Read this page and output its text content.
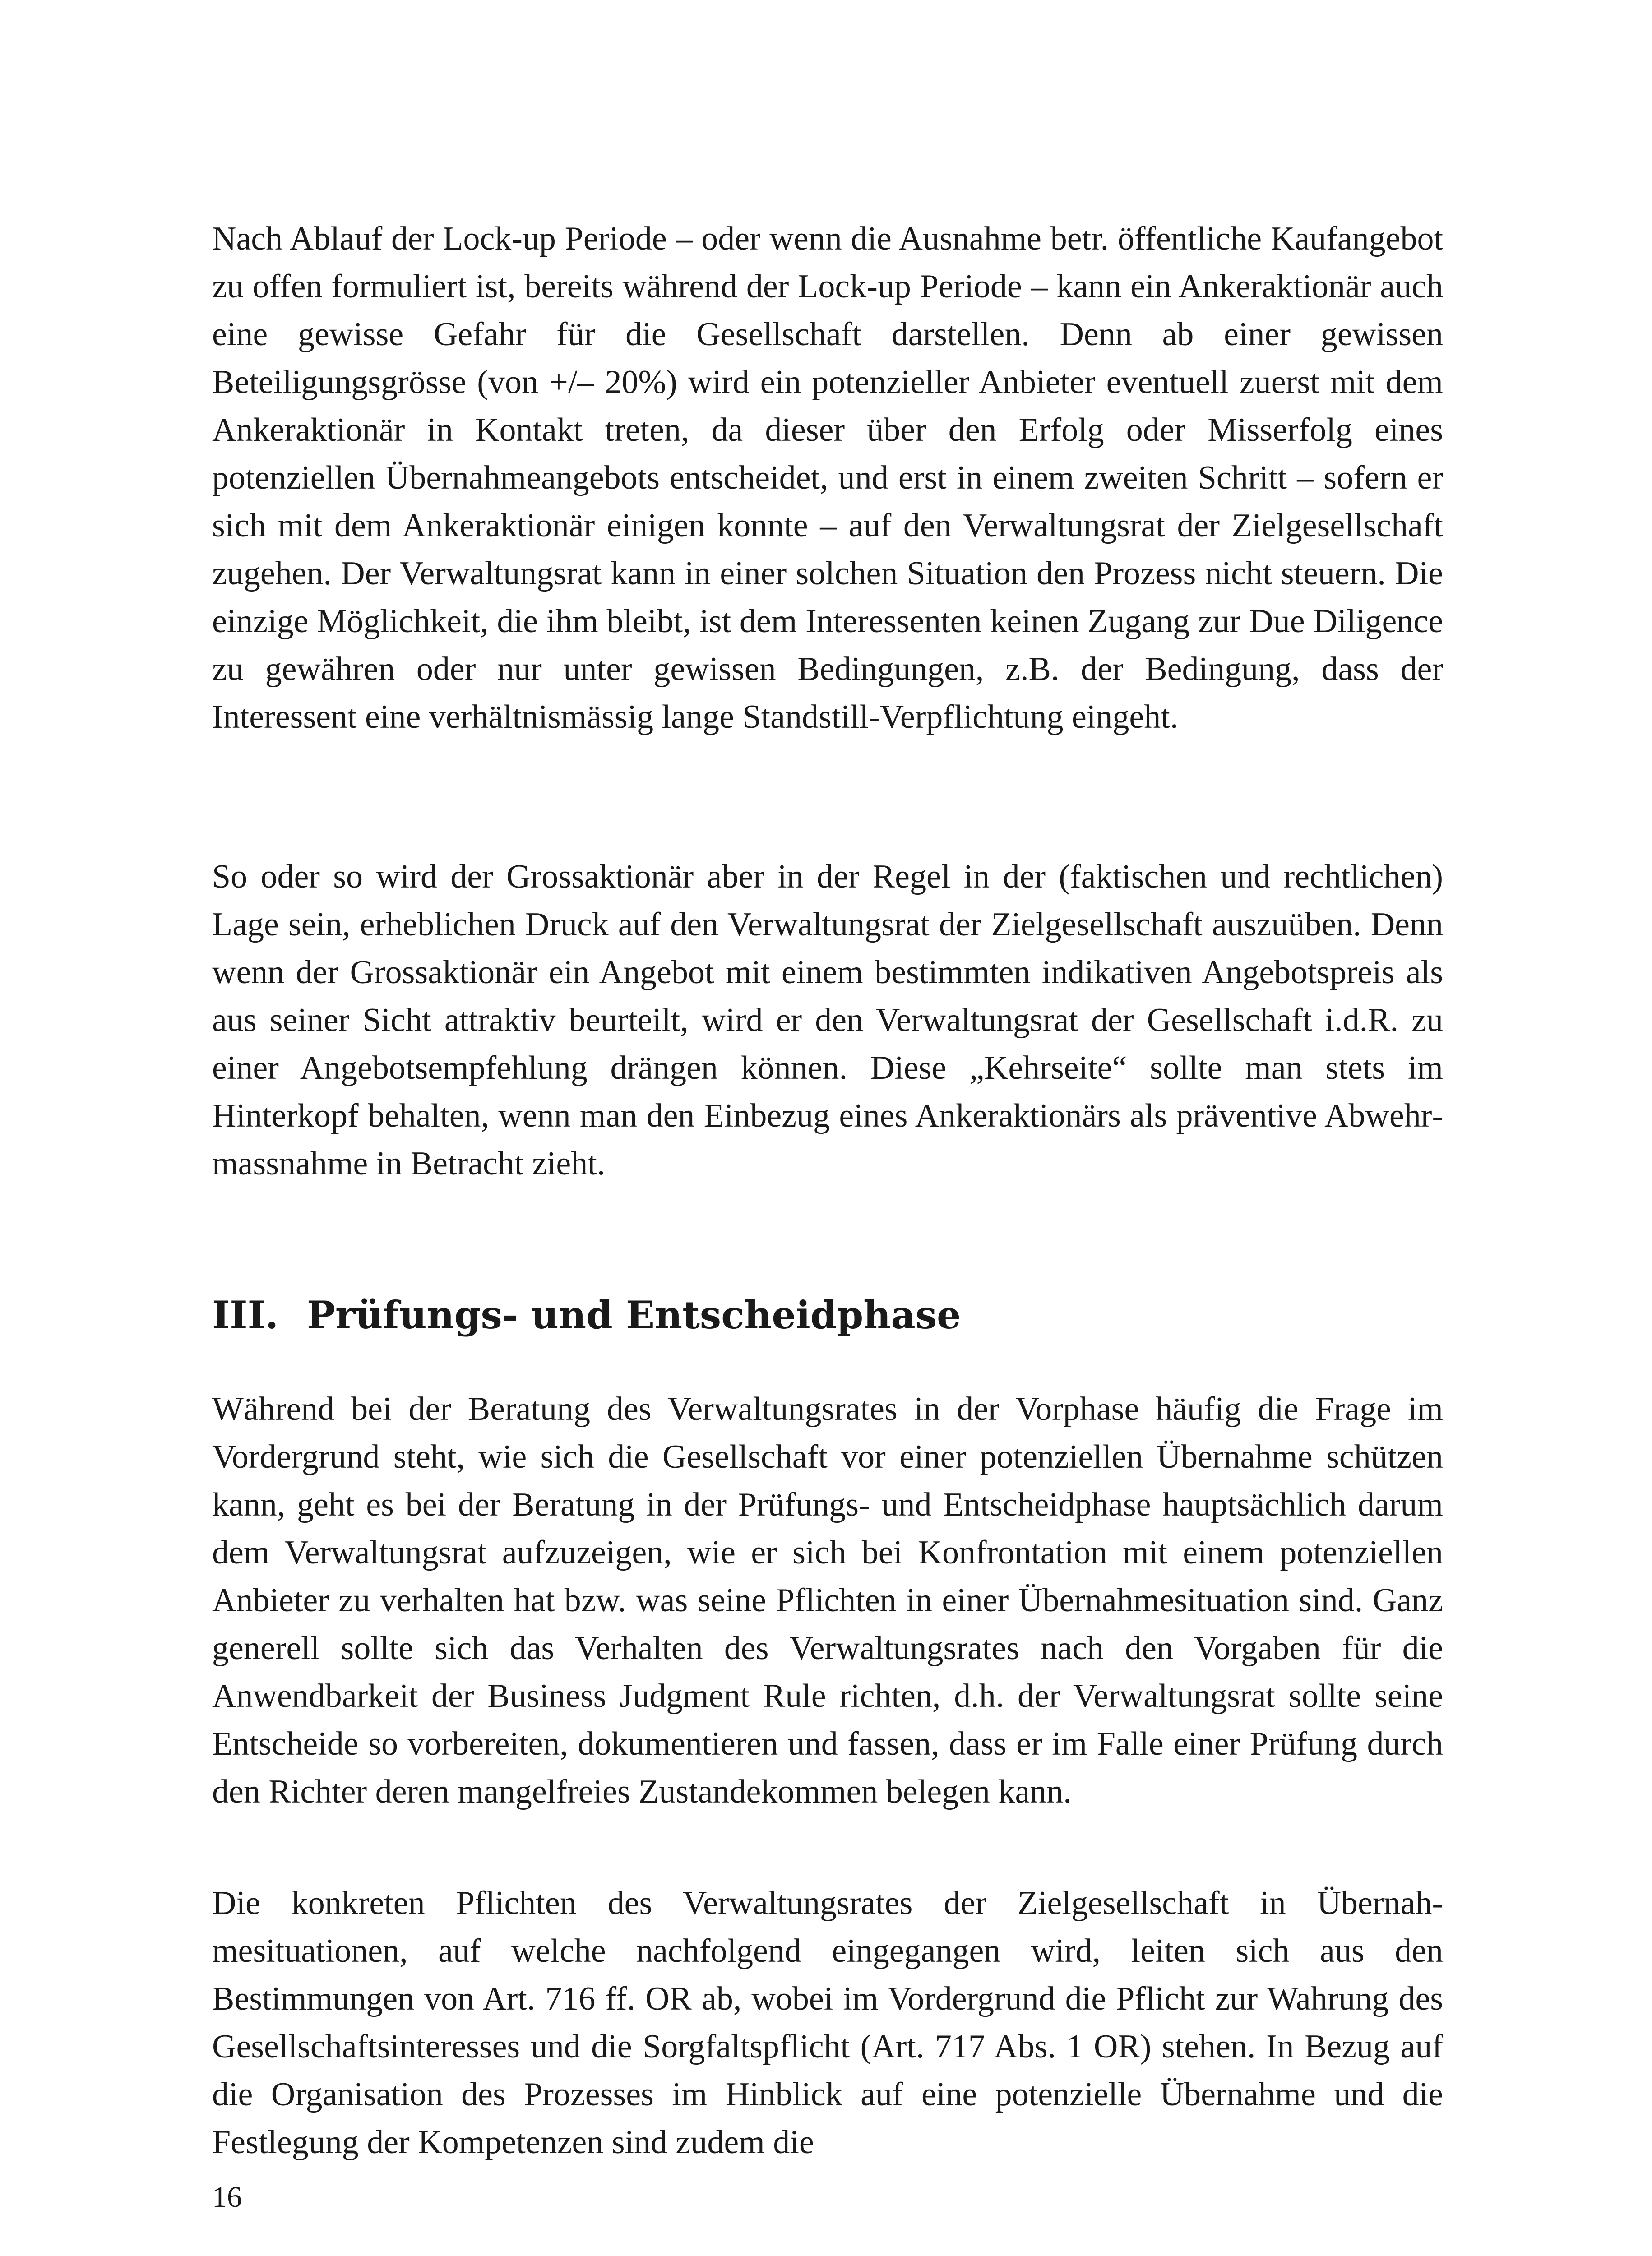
Nach Ablauf der Lock-up Periode – oder wenn die Ausnahme betr. öffentliche Kaufangebot zu offen formuliert ist, bereits während der Lock-up Periode – kann ein Ankeraktionär auch eine gewisse Gefahr für die Gesellschaft darstellen. Denn ab einer gewissen Beteiligungsgrösse (von +/– 20%) wird ein potenzieller Anbieter eventuell zuerst mit dem Ankeraktionär in Kontakt treten, da dieser über den Erfolg oder Misserfolg eines potenziellen Übernahmeangebots entscheidet, und erst in einem zweiten Schritt – sofern er sich mit dem Ankeraktionär einigen konnte – auf den Verwaltungsrat der Zielgesellschaft zugehen. Der Verwaltungsrat kann in einer solchen Situation den Prozess nicht steuern. Die einzige Möglichkeit, die ihm bleibt, ist dem Interessenten keinen Zugang zur Due Diligence zu gewähren oder nur unter gewissen Bedingungen, z.B. der Bedingung, dass der Interessent eine verhältnismässig lange Standstill-Verpflichtung eingeht.

So oder so wird der Grossaktionär aber in der Regel in der (faktischen und rechtlichen) Lage sein, erheblichen Druck auf den Verwaltungsrat der Zielgesellschaft auszuüben. Denn wenn der Grossaktionär ein Angebot mit einem bestimmten indikativen Angebotspreis als aus seiner Sicht attraktiv beurteilt, wird er den Verwaltungsrat der Gesellschaft i.d.R. zu einer Angebotsempfehlung drängen können. Diese „Kehrseite“ sollte man stets im Hinterkopf behalten, wenn man den Einbezug eines Ankeraktionärs als präventive Abwehrmassnahme in Betracht zieht.

III. Prüfungs- und Entscheidphase

Während bei der Beratung des Verwaltungsrates in der Vorphase häufig die Frage im Vordergrund steht, wie sich die Gesellschaft vor einer potenziellen Übernahme schützen kann, geht es bei der Beratung in der Prüfungs- und Entscheidphase hauptsächlich darum dem Verwaltungsrat aufzuzeigen, wie er sich bei Konfrontation mit einem potenziellen Anbieter zu verhalten hat bzw. was seine Pflichten in einer Übernahmesituation sind. Ganz generell sollte sich das Verhalten des Verwaltungsrates nach den Vorgaben für die Anwendbarkeit der Business Judgment Rule richten, d.h. der Verwaltungsrat sollte seine Entscheide so vorbereiten, dokumentieren und fassen, dass er im Falle einer Prüfung durch den Richter deren mangelfreies Zustandekommen belegen kann.

Die konkreten Pflichten des Verwaltungsrates der Zielgesellschaft in Übernahmesituationen, auf welche nachfolgend eingegangen wird, leiten sich aus den Bestimmungen von Art. 716 ff. OR ab, wobei im Vordergrund die Pflicht zur Wahrung des Gesellschaftsinteresses und die Sorgfaltspflicht (Art. 717 Abs. 1 OR) stehen. In Bezug auf die Organisation des Prozesses im Hinblick auf eine potenzielle Übernahme und die Festlegung der Kompetenzen sind zudem die

16
